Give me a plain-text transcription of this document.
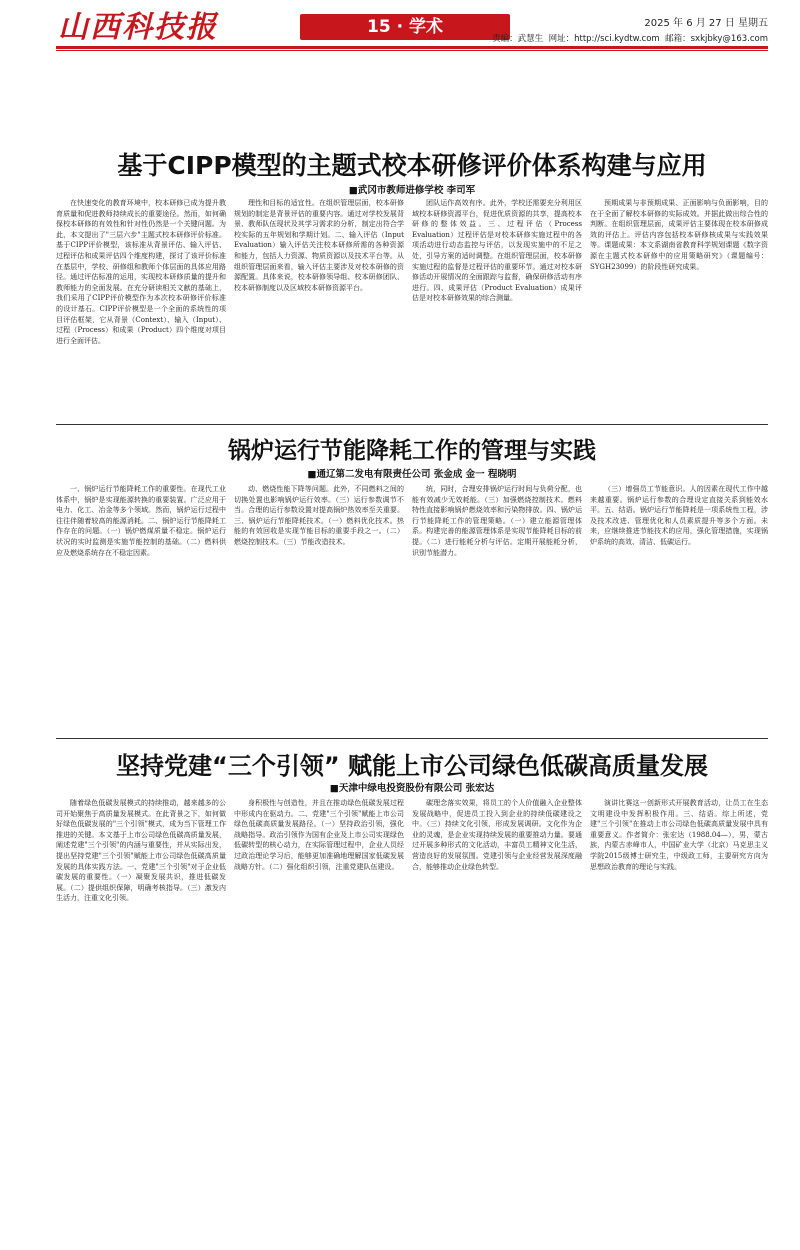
山西科技报	15 · 学术	2025 年 6 月 27 日 星期五
责编：武慧生 网址：http://sci.kydtw.com 邮箱：sxkjbky@163.com
基于CIPP模型的主题式校本研修评价体系构建与应用
■武冈市教师进修学校 李司军

在快速变化的教育环境中，校本研修已成为提升教育质量和促进教师持续成长的重要途径。然而，如何确保校本研修的有效性和针对性仍然是一个关键问题。为此，本文提出了"三层六步"主题式校本研修评价标准。基于CIPP评价模型，该标准从背景评估、输入评估、过程评估和成果评估四个维度构建，探讨了该评价标准在基层中，学校、研修组和教师个体层面的具体应用路径。通过评估标准的运用，实现校本研修质量的提升和教师能力的全面发展。在充分研读相关文献的基础上，我们采用了CIPP评价模型作为本次校本研修评价标准的设计基石。CIPP评价模型是一个全面的系统性的项目评估框架，它从背景（Context）、输入（Input）、过程（Process）和成果（Product）四个维度对项目进行全面评估。

理性和目标的适宜性。在组织管理层面，校本研修规划的制定是背景评估的重要内容。通过对学校发展背景、教师队伍现状及其学习需求的分析，制定出符合学校实际的五年规划和学期计划。二、输入评估（Input Evaluation）输入评估关注校本研修所需的各种资源和能力，包括人力资源、物质资源以及技术平台等。从组织管理层面来看，输入评估主要涉及对校本研修的资源配置。具体来说，校本研修领导组、校本研修团队、校本研修制度以及区域校本研修资源平台。

团队运作高效有序。此外，学校还需要充分利用区域校本研修资源平台，促进优质资源的共享，提高校本研修的整体效益。三、过程评估（Process Evaluation）过程评估是对校本研修实施过程中的各项活动进行动态监控与评估，以发现实施中的不足之处，引导方案的适时调整。在组织管理层面，校本研修实施过程的监督是过程评估的重要环节。通过对校本研修活动开展情况的全面跟踪与监督，确保研修活动有序进行。四、成果评估（Product Evaluation）成果评估是对校本研修效果的综合测量。

预期成果与非预期成果、正面影响与负面影响，目的在于全面了解校本研修的实际成效。并据此做出综合性的判断。在组织管理层面，成果评估主要体现在校本研修成效的评估上。评估内容包括校本研修核成果与实践效果等。课题成果：本文系湖南省教育科学规划课题《数字资源在主题式校本研修中的应用策略研究》（课题编号：SYGH23099）的阶段性研究成果。

锅炉运行节能降耗工作的管理与实践
■通辽第二发电有限责任公司 张金成 金一 程晓明

一、锅炉运行节能降耗工作的重要性。在现代工业体系中，锅炉是实现能源转换的重要装置。广泛应用于电力、化工、冶金等多个领域。然而，锅炉运行过程中往往伴随着较高的能源消耗。二、锅炉运行节能降耗工作存在的问题。（一）锅炉燃煤质量不稳定。锅炉运行状况的实时监测是实施节能控制的基础。（二）燃料供应及燃烧系统存在不稳定因素。

动、燃烧性能下降等问题。此外，不同燃料之间的切换处置也影响锅炉运行效率。（三）运行参数调节不当。合理的运行参数设置对提高锅炉热效率至关重要。三、锅炉运行节能降耗技术。（一）燃料优化技术。热能的有效回收是实现节能目标的重要手段之一。（二）燃烧控制技术。（三）节能改造技术。

统，同时，合理安排锅炉运行时间与负荷分配，也能有效减少无效耗能。（三）加强燃烧控制技术。燃料特性直接影响锅炉燃烧效率和污染物排放。四、锅炉运行节能降耗工作的管理策略。（一）建立能源管理体系。构建完善的能源管理体系是实现节能降耗目标的前提。（二）进行能耗分析与评估。定期开展能耗分析，识别节能潜力。

（三）增强员工节能意识。人的因素在现代工作中越来越重要。锅炉运行参数的合理设定直接关系到能效水平。五、结语。锅炉运行节能降耗是一项系统性工程，涉及技术改进、管理优化和人员素质提升等多个方面。未来，应继续推进节能技术的应用，强化管理措施，实现锅炉系统的高效、清洁、低碳运行。

坚持党建“三个引领” 赋能上市公司绿色低碳高质量发展
■天津中绿电投资股份有限公司 张宏达

随着绿色低碳发展模式的持续推动，越来越多的公司开始聚焦于高质量发展模式。在此背景之下，如何做好绿色低碳发展的"三个引领"模式，成为当下管理工作推进的关键。本文基于上市公司绿色低碳高质量发展，阐述党建"三个引领"的内涵与重要性，并从实际出发，提出坚持党建"三个引领"赋能上市公司绿色低碳高质量发展的具体实践方法。一、党建"三个引领"对于企业低碳发展的重要性。（一）凝聚发展共识，推进低碳发展。（二）提供组织保障，明确考核指导。（三）激发内生活力，注重文化引领。

身积极性与创造性，并且在推动绿色低碳发展过程中形成内在驱动力。二、党建"三个引领"赋能上市公司绿色低碳高质量发展路径。（一）坚持政治引领，强化战略指导。政治引领作为国有企业及上市公司实现绿色低碳转型的核心动力，在实际管理过程中，企业人员经过政治理论学习后，能够更加准确地理解国家低碳发展战略方针。（二）强化组织引领，注重党建队伍建设。

碳理念落实效果，将员工的个人价值融入企业整体发展战略中，促进员工投入到企业的持续低碳建设之中。（三）持续文化引领，形成发展调研。文化作为企业的灵魂，是企业实现持续发展的重要推动力量。要通过开展多种形式的文化活动，丰富员工精神文化生活，营造良好的发展氛围。党建引领与企业经营发展深度融合，能够推动企业绿色转型。

演讲比赛这一创新形式开展教育活动，让员工在生态文明建设中发挥积极作用。三、结语。综上所述，党建"三个引领"在推动上市公司绿色低碳高质量发展中具有重要意义。作者简介：张宏达（1988.04—），男，蒙古族，内蒙古赤峰市人，中国矿业大学（北京）马克思主义学院2015级博士研究生，中级政工师，主要研究方向为思想政治教育的理论与实践。
